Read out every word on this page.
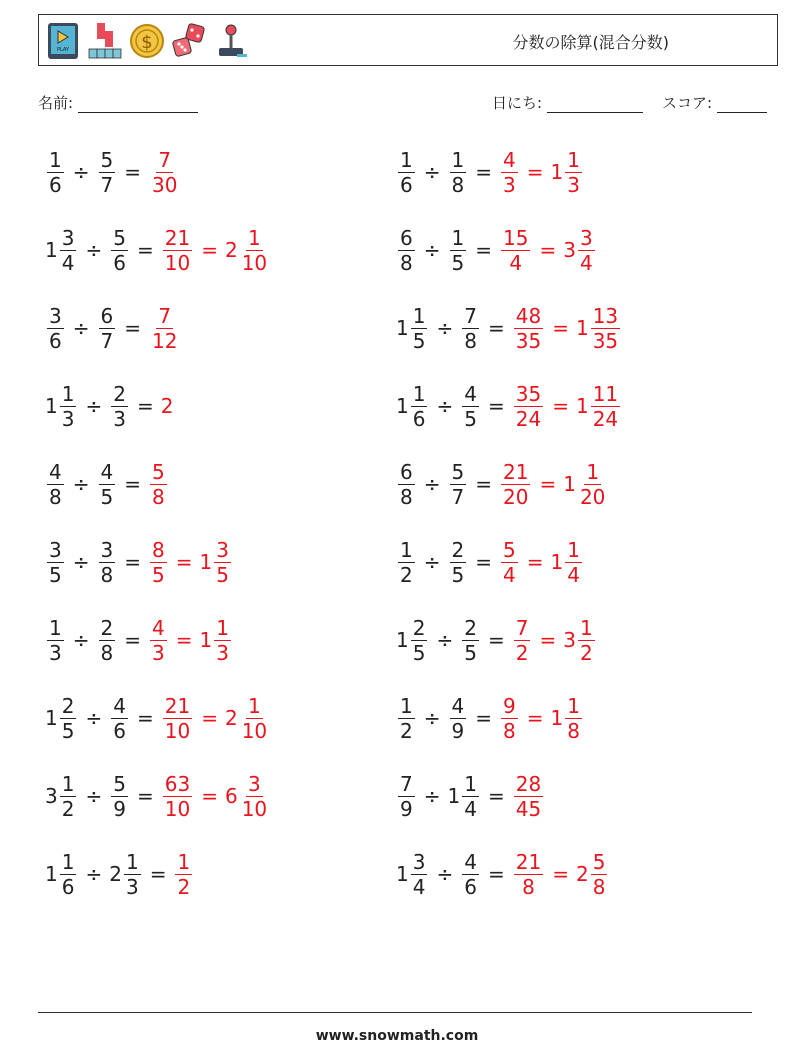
PLAY	$	分数の除算(混合分数)
名前:	日にち:	スコア:
$\frac{1}{6} \div \frac{5}{7} = \frac{7}{30}$
$1 \frac{3}{4} \div \frac{5}{6} = \frac{21}{10} = 2 \frac{1}{10}$
$\frac{3}{6} \div \frac{6}{7} = \frac{7}{12}$
$1 \frac{1}{3} \div \frac{2}{3} = 2$
$\frac{4}{8} \div \frac{4}{5} = \frac{5}{8}$
$\frac{3}{5} \div \frac{3}{8} = \frac{8}{5} = 1 \frac{3}{5}$
$\frac{1}{3} \div \frac{2}{8} = \frac{4}{3} = 1 \frac{1}{3}$
$1 \frac{2}{5} \div \frac{4}{6} = \frac{21}{10} = 2 \frac{1}{10}$
$3 \frac{1}{2} \div \frac{5}{9} = \frac{63}{10} = 6 \frac{3}{10}$
$1 \frac{1}{6} \div 2 \frac{1}{3} = \frac{1}{2}$
$\frac{1}{6} \div \frac{1}{8} = \frac{4}{3} = 1 \frac{1}{3}$
$\frac{6}{8} \div \frac{1}{5} = \frac{15}{4} = 3 \frac{3}{4}$
$1 \frac{1}{5} \div \frac{7}{8} = \frac{48}{35} = 1 \frac{13}{35}$
$1 \frac{1}{6} \div \frac{4}{5} = \frac{35}{24} = 1 \frac{11}{24}$
$\frac{6}{8} \div \frac{5}{7} = \frac{21}{20} = 1 \frac{1}{20}$
$\frac{1}{2} \div \frac{2}{5} = \frac{5}{4} = 1 \frac{1}{4}$
$1 \frac{2}{5} \div \frac{2}{5} = \frac{7}{2} = 3 \frac{1}{2}$
$\frac{1}{2} \div \frac{4}{9} = \frac{9}{8} = 1 \frac{1}{8}$
$\frac{7}{9} \div 1 \frac{1}{4} = \frac{28}{45}$
$1 \frac{3}{4} \div \frac{4}{6} = \frac{21}{8} = 2 \frac{5}{8}$
www.snowmath.com
